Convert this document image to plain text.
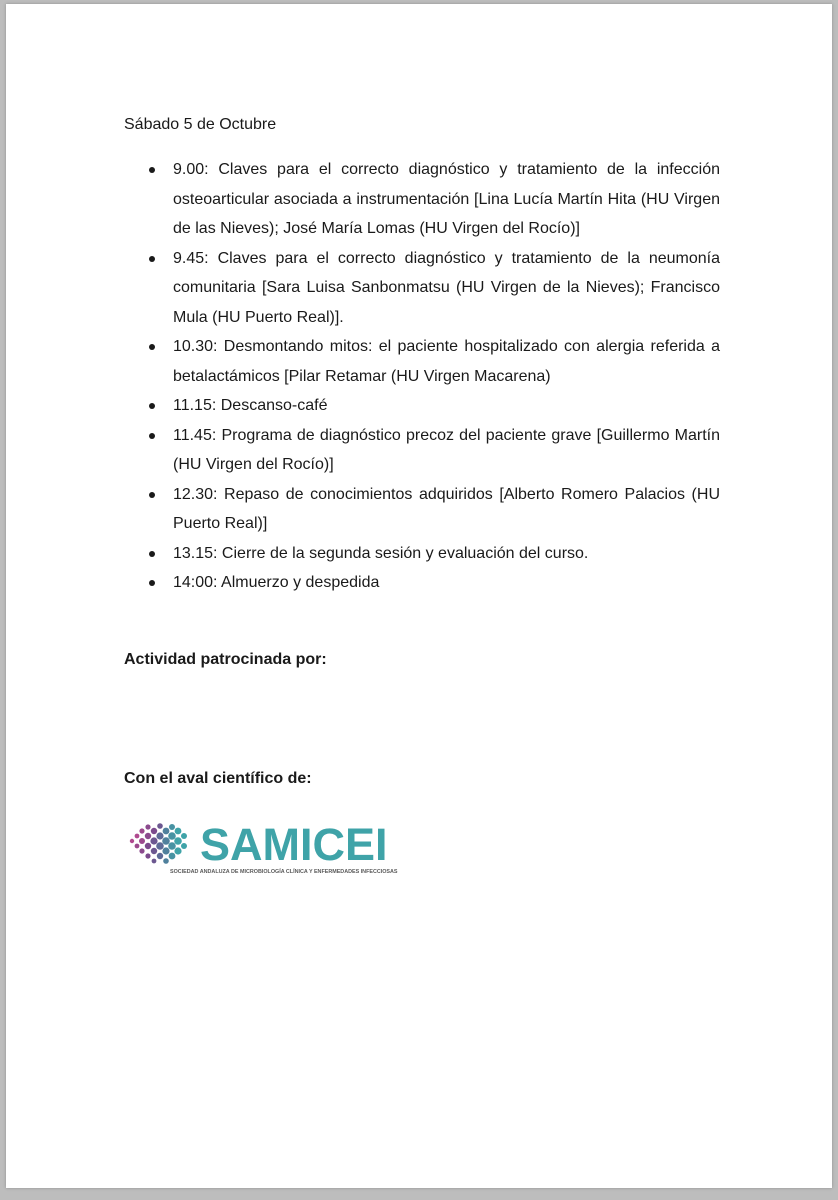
Sábado 5 de Octubre

9.00: Claves para el correcto diagnóstico y tratamiento de la infección osteoarticular asociada a instrumentación [Lina Lucía Martín Hita (HU Virgen de las Nieves); José María Lomas (HU Virgen del Rocío)]
9.45: Claves para el correcto diagnóstico y tratamiento de la neumonía comunitaria [Sara Luisa Sanbonmatsu (HU Virgen de la Nieves); Francisco Mula (HU Puerto Real)].
10.30: Desmontando mitos: el paciente hospitalizado con alergia referida a betalactámicos [Pilar Retamar (HU Virgen Macarena)
11.15: Descanso-café
11.45: Programa de diagnóstico precoz del paciente grave [Guillermo Martín (HU Virgen del Rocío)]
12.30: Repaso de conocimientos adquiridos [Alberto Romero Palacios (HU Puerto Real)]
13.15: Cierre de la segunda sesión y evaluación del curso.
14:00: Almuerzo y despedida

Actividad patrocinada por:

Con el aval científico de:

SAMICEI

SOCIEDAD ANDALUZA DE MICROBIOLOGÍA CLÍNICA Y ENFERMEDADES INFECCIOSAS
